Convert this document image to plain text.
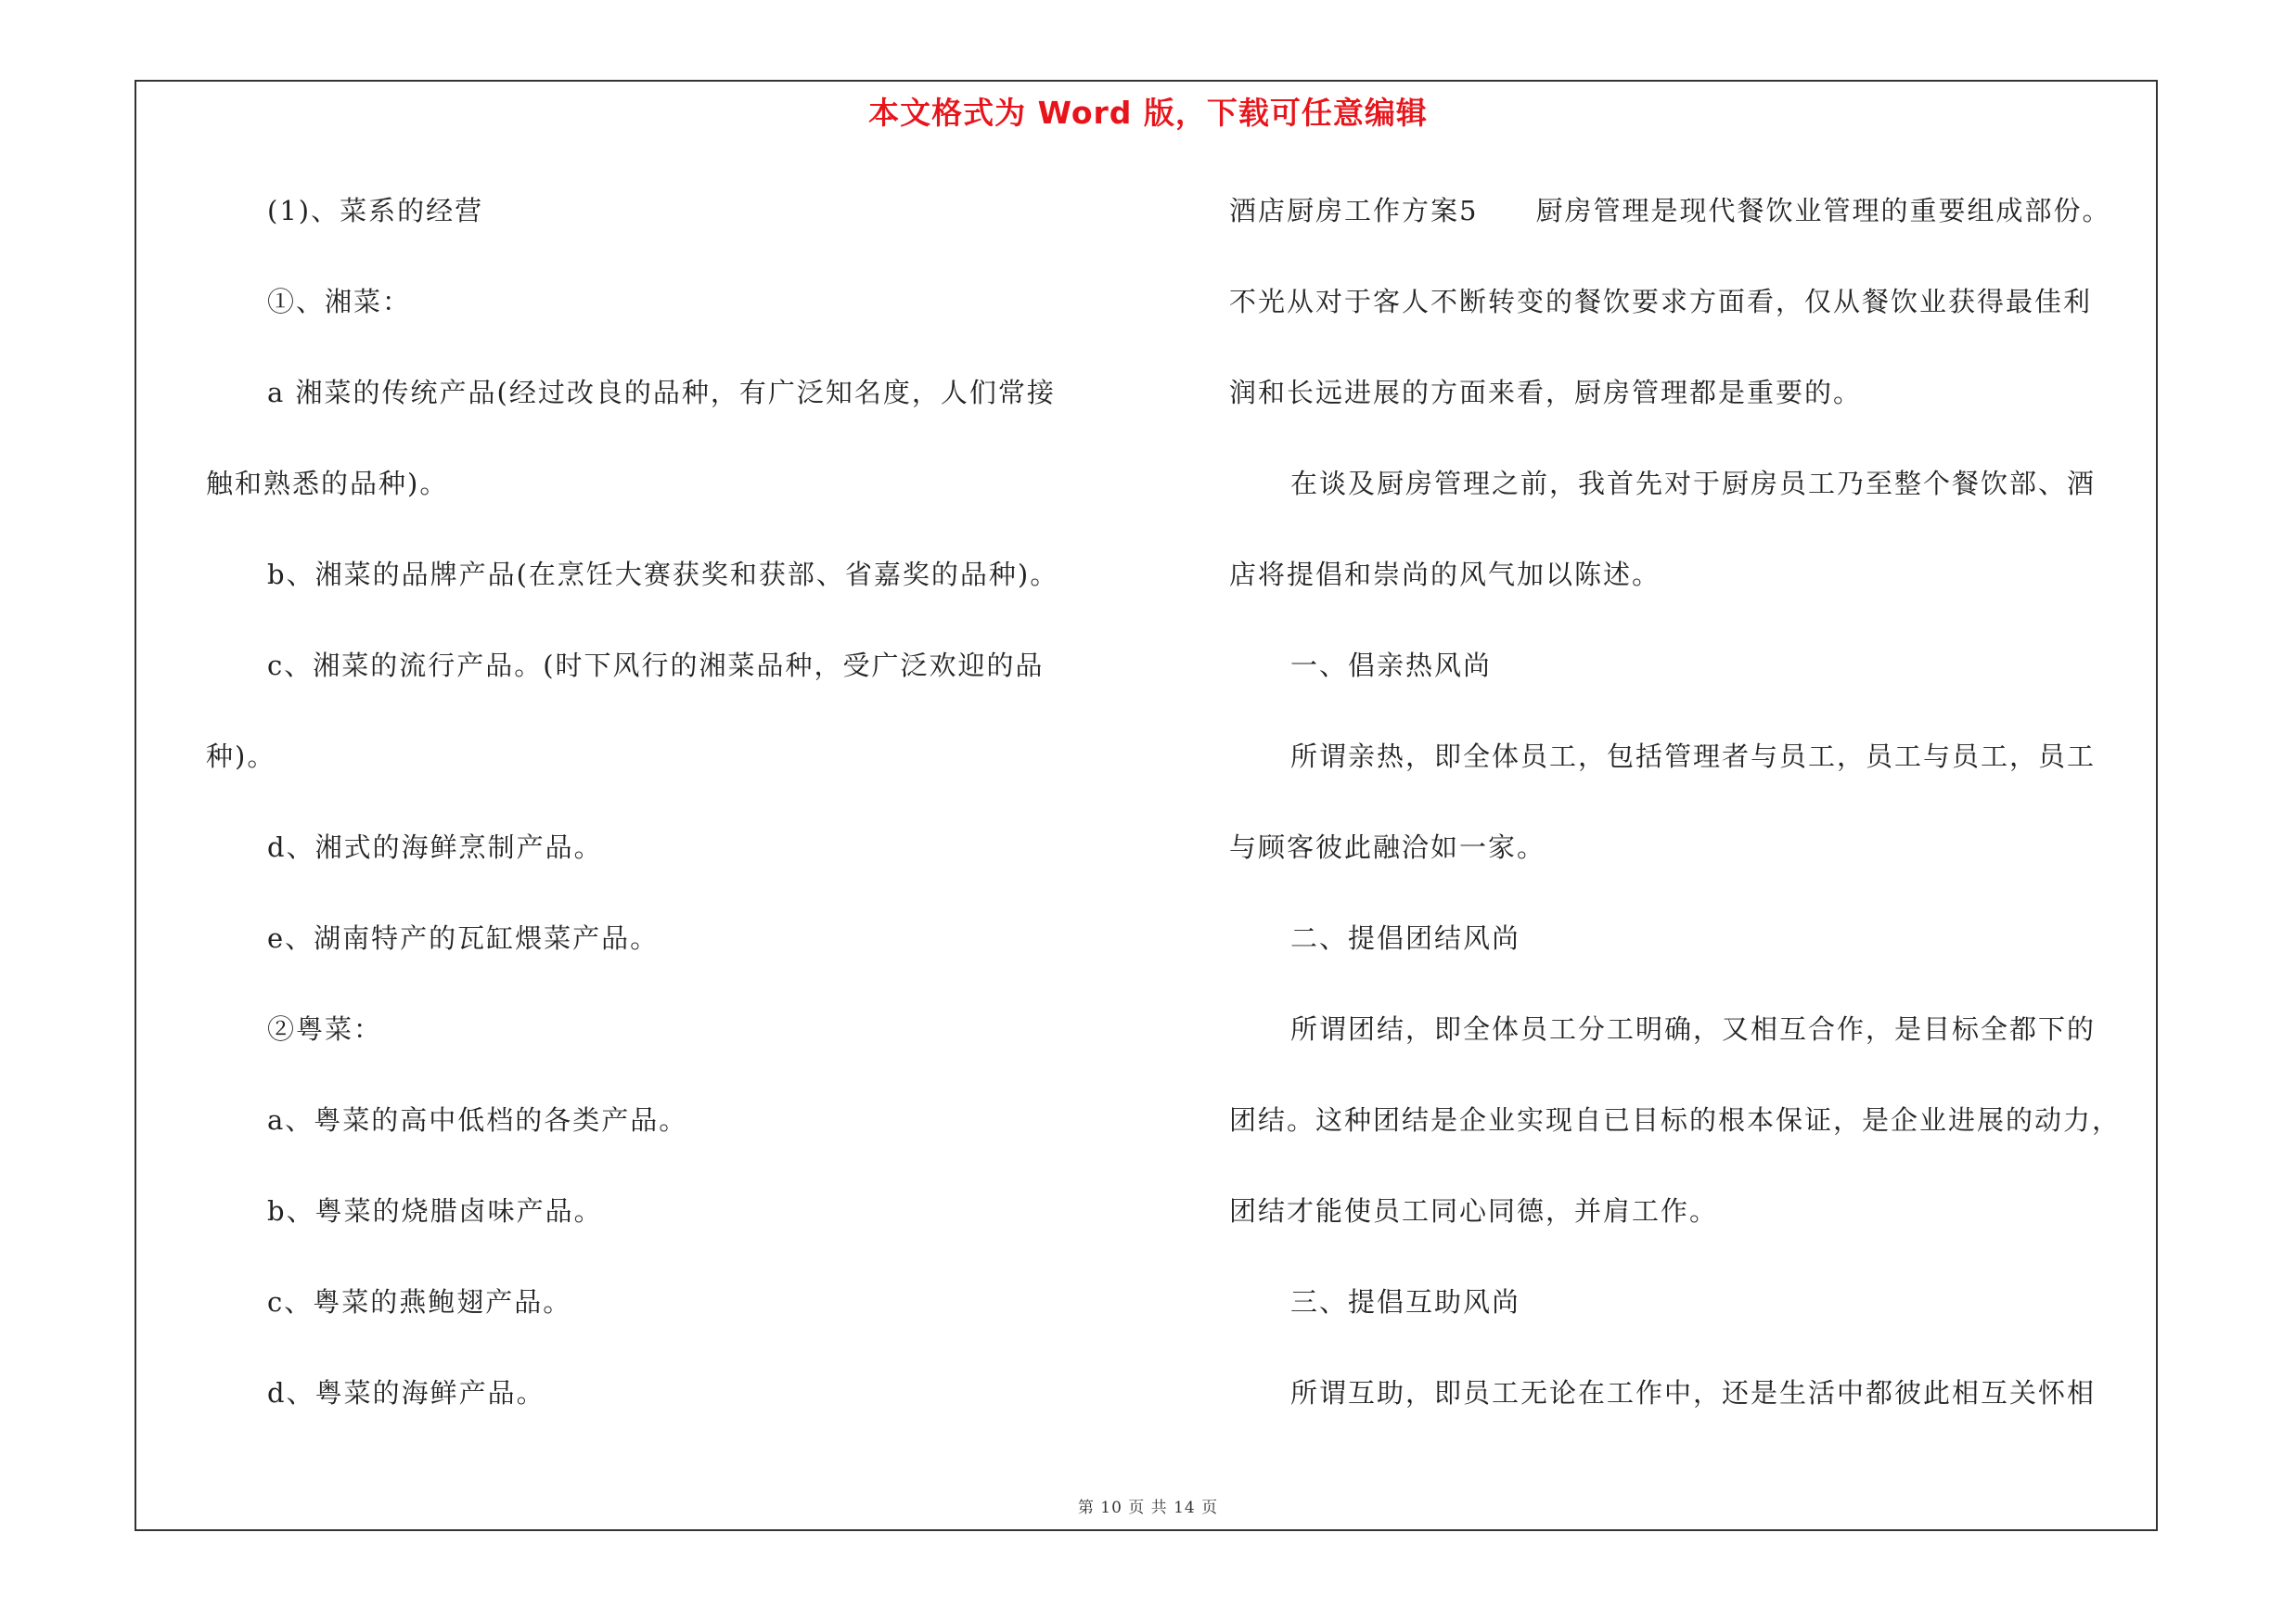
本文格式为 Word 版，下载可任意编辑
(1)、菜系的经营
①、湘菜：
a 湘菜的传统产品(经过改良的品种，有广泛知名度，人们常接
触和熟悉的品种)。
b、湘菜的品牌产品(在烹饪大赛获奖和获部、省嘉奖的品种)。
c、湘菜的流行产品。(时下风行的湘菜品种，受广泛欢迎的品
种)。
d、湘式的海鲜烹制产品。
e、湖南特产的瓦缸煨菜产品。
②粤菜：
a、粤菜的高中低档的各类产品。
b、粤菜的烧腊卤味产品。
c、粤菜的燕鲍翅产品。
d、粤菜的海鲜产品。
酒店厨房工作方案5　　厨房管理是现代餐饮业管理的重要组成部份。
不光从对于客人不断转变的餐饮要求方面看，仅从餐饮业获得最佳利
润和长远进展的方面来看，厨房管理都是重要的。
在谈及厨房管理之前，我首先对于厨房员工乃至整个餐饮部、酒
店将提倡和崇尚的风气加以陈述。
一、倡亲热风尚
所谓亲热，即全体员工，包括管理者与员工，员工与员工，员工
与顾客彼此融洽如一家。
二、提倡团结风尚
所谓团结，即全体员工分工明确，又相互合作，是目标全都下的
团结。这种团结是企业实现自已目标的根本保证，是企业进展的动力，
团结才能使员工同心同德，并肩工作。
三、提倡互助风尚
所谓互助，即员工无论在工作中，还是生活中都彼此相互关怀相
第 10 页 共 14 页
